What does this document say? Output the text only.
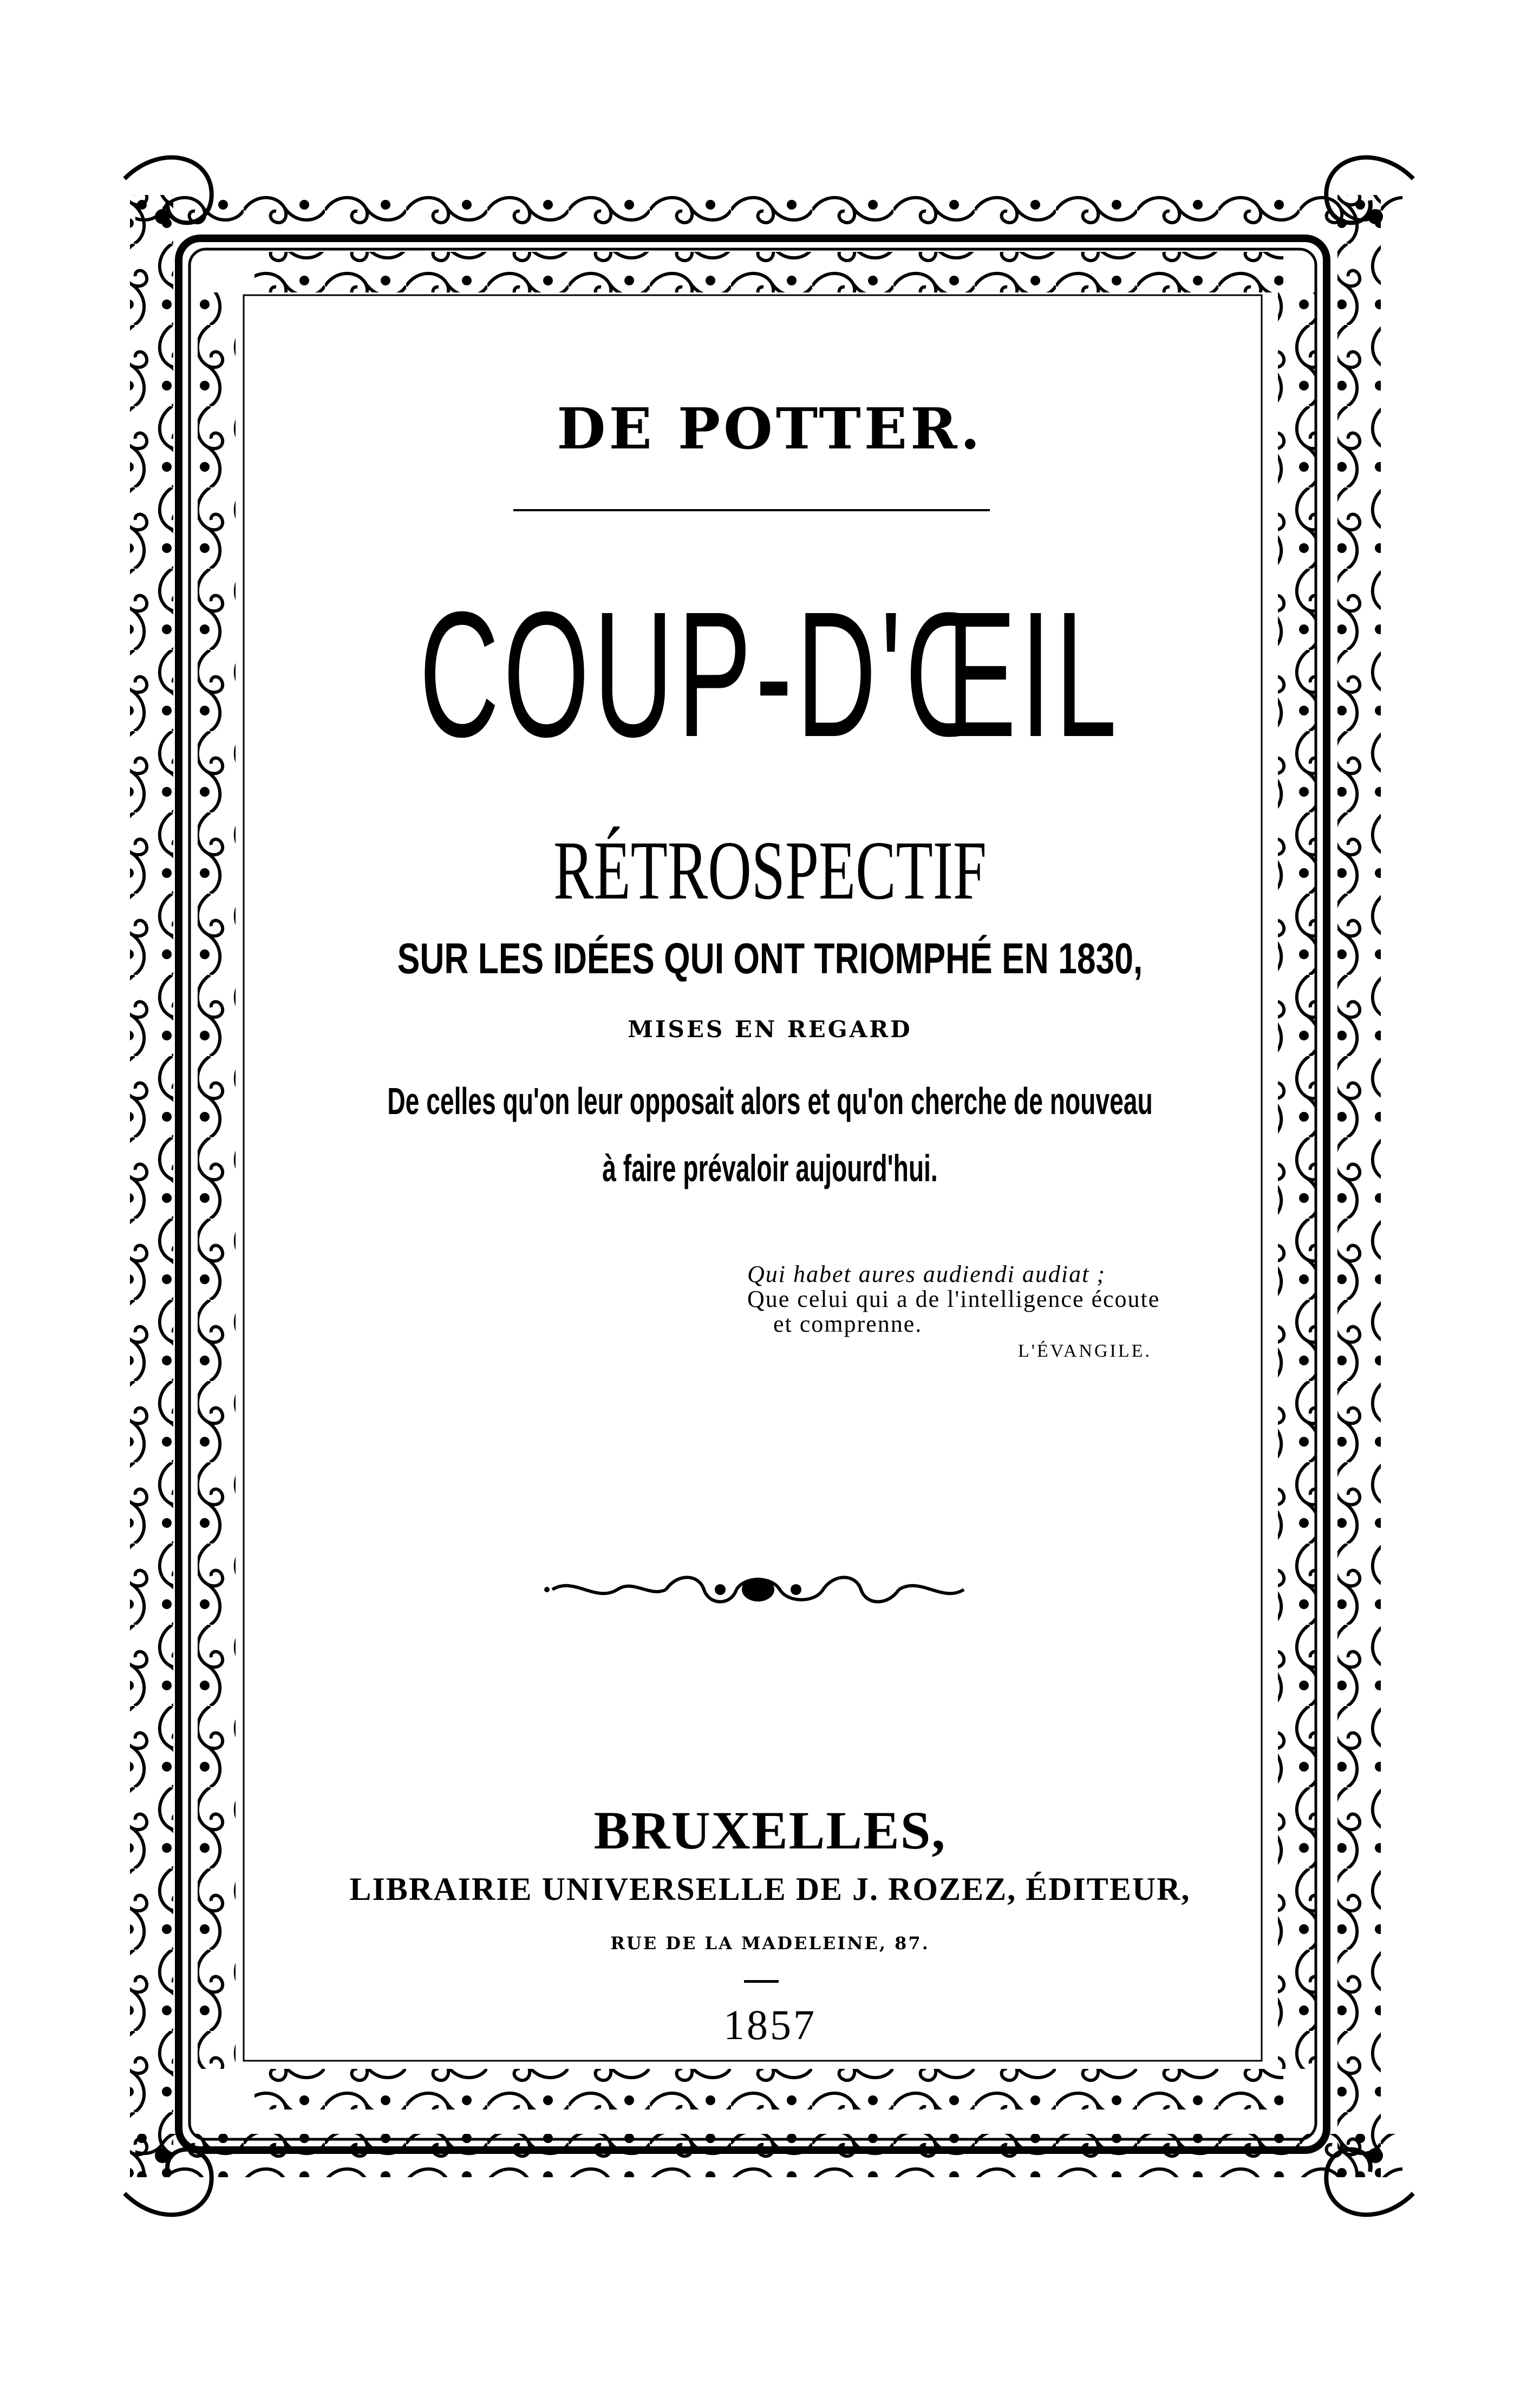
DE POTTER.
COUP-D'ŒIL
RÉTROSPECTIF
SUR LES IDÉES QUI ONT TRIOMPHÉ EN 1830,
MISES EN REGARD
De celles qu'on leur opposait alors et qu'on cherche de nouveau
à faire prévaloir aujourd'hui.
Qui habet aures audiendi audiat ;
Que celui qui a de l'intelligence écoute
et comprenne.
L'ÉVANGILE.
BRUXELLES,
LIBRAIRIE UNIVERSELLE DE J. ROZEZ, ÉDITEUR,
RUE DE LA MADELEINE, 87.
1857
